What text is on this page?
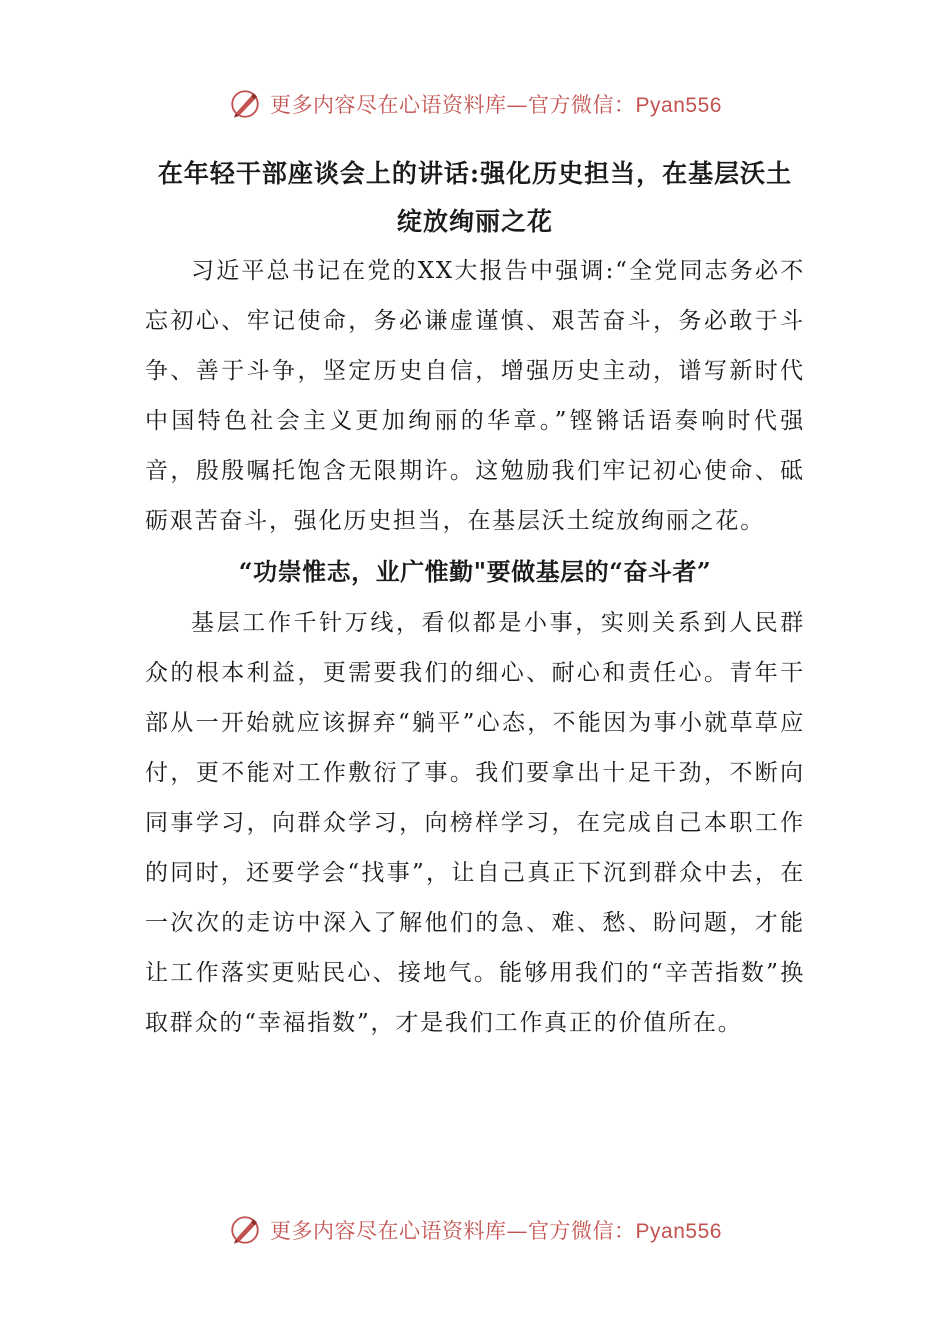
更多内容尽在心语资料库—官方微信：Pyan556
在年轻干部座谈会上的讲话:强化历史担当，在基层沃土绽放绚丽之花

习近平总书记在党的XX大报告中强调:“全党同志务必不忘初心、牢记使命，务必谦虚谨慎、艰苦奋斗，务必敢于斗争、善于斗争，坚定历史自信，增强历史主动，谱写新时代中国特色社会主义更加绚丽的华章。”铿锵话语奏响时代强音，殷殷嘱托饱含无限期许。这勉励我们牢记初心使命、砥砺艰苦奋斗，强化历史担当，在基层沃土绽放绚丽之花。

“功崇惟志，业广惟勤"要做基层的“奋斗者”

基层工作千针万线，看似都是小事，实则关系到人民群众的根本利益，更需要我们的细心、耐心和责任心。青年干部从一开始就应该摒弃“躺平”心态，不能因为事小就草草应付，更不能对工作敷衍了事。我们要拿出十足干劲，不断向同事学习，向群众学习，向榜样学习，在完成自己本职工作的同时，还要学会“找事”，让自己真正下沉到群众中去，在一次次的走访中深入了解他们的急、难、愁、盼问题，才能让工作落实更贴民心、接地气。能够用我们的“辛苦指数”换取群众的“幸福指数”，才是我们工作真正的价值所在。

更多内容尽在心语资料库—官方微信：Pyan556
